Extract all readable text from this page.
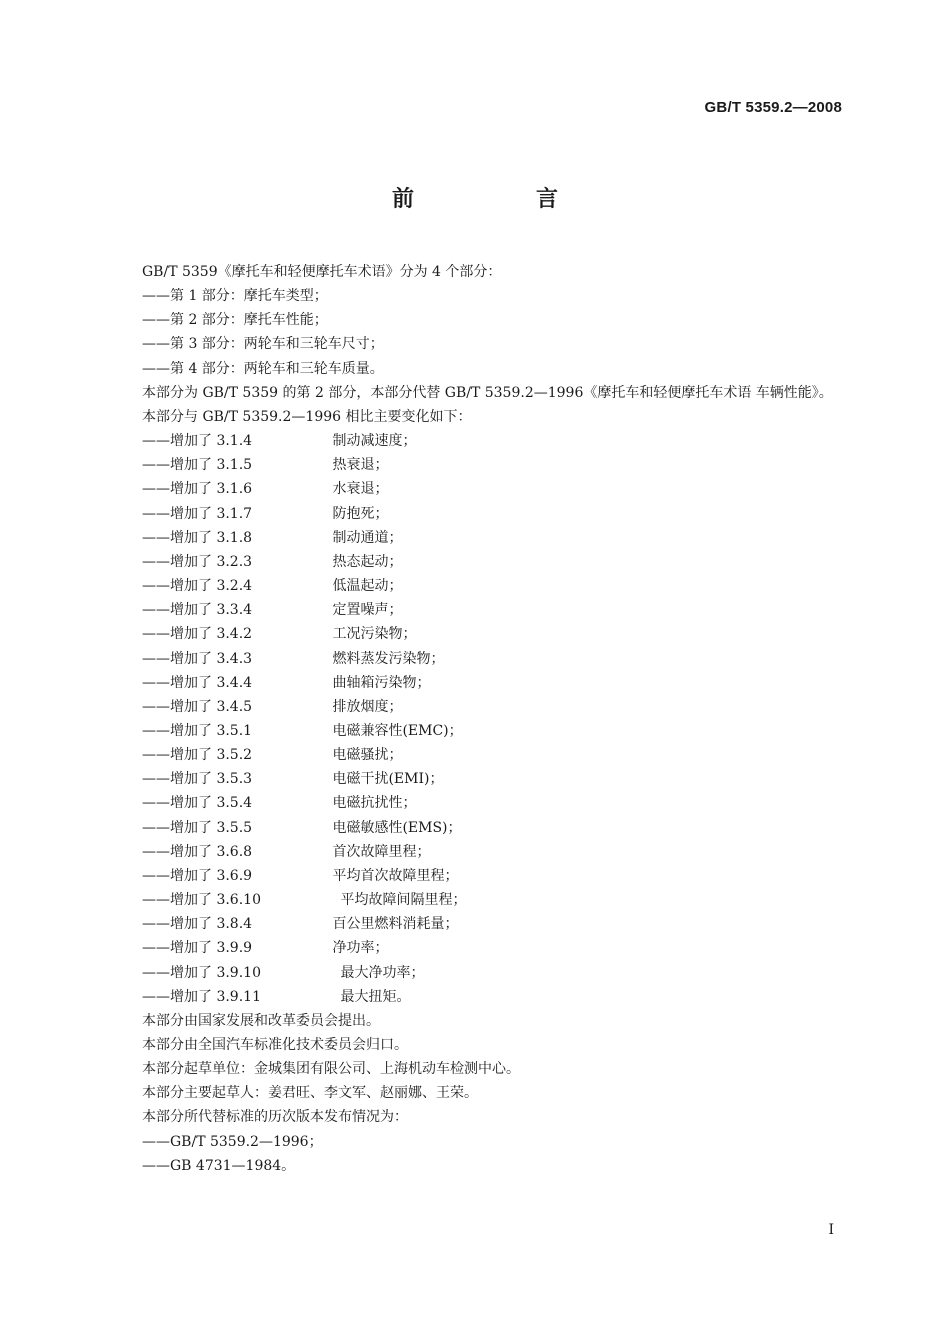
GB/T 5359.2—2008
前　言
GB/T 5359《摩托车和轻便摩托车术语》分为 4 个部分：
——第 1 部分：摩托车类型；
——第 2 部分：摩托车性能；
——第 3 部分：两轮车和三轮车尺寸；
——第 4 部分：两轮车和三轮车质量。
本部分为 GB/T 5359 的第 2 部分，本部分代替 GB/T 5359.2—1996《摩托车和轻便摩托车术语 车辆性能》。
本部分与 GB/T 5359.2—1996 相比主要变化如下：
——增加了 3.1.4	制动减速度；
——增加了 3.1.5	热衰退；
——增加了 3.1.6	水衰退；
——增加了 3.1.7	防抱死；
——增加了 3.1.8	制动通道；
——增加了 3.2.3	热态起动；
——增加了 3.2.4	低温起动；
——增加了 3.3.4	定置噪声；
——增加了 3.4.2	工况污染物；
——增加了 3.4.3	燃料蒸发污染物；
——增加了 3.4.4	曲轴箱污染物；
——增加了 3.4.5	排放烟度；
——增加了 3.5.1	电磁兼容性(EMC)；
——增加了 3.5.2	电磁骚扰；
——增加了 3.5.3	电磁干扰(EMI)；
——增加了 3.5.4	电磁抗扰性；
——增加了 3.5.5	电磁敏感性(EMS)；
——增加了 3.6.8	首次故障里程；
——增加了 3.6.9	平均首次故障里程；
——增加了 3.6.10	平均故障间隔里程；
——增加了 3.8.4	百公里燃料消耗量；
——增加了 3.9.9	净功率；
——增加了 3.9.10	最大净功率；
——增加了 3.9.11	最大扭矩。
本部分由国家发展和改革委员会提出。
本部分由全国汽车标准化技术委员会归口。
本部分起草单位：金城集团有限公司、上海机动车检测中心。
本部分主要起草人：姜君旺、李文军、赵丽娜、王荣。
本部分所代替标准的历次版本发布情况为：
——GB/T 5359.2—1996；
——GB 4731—1984。
I
